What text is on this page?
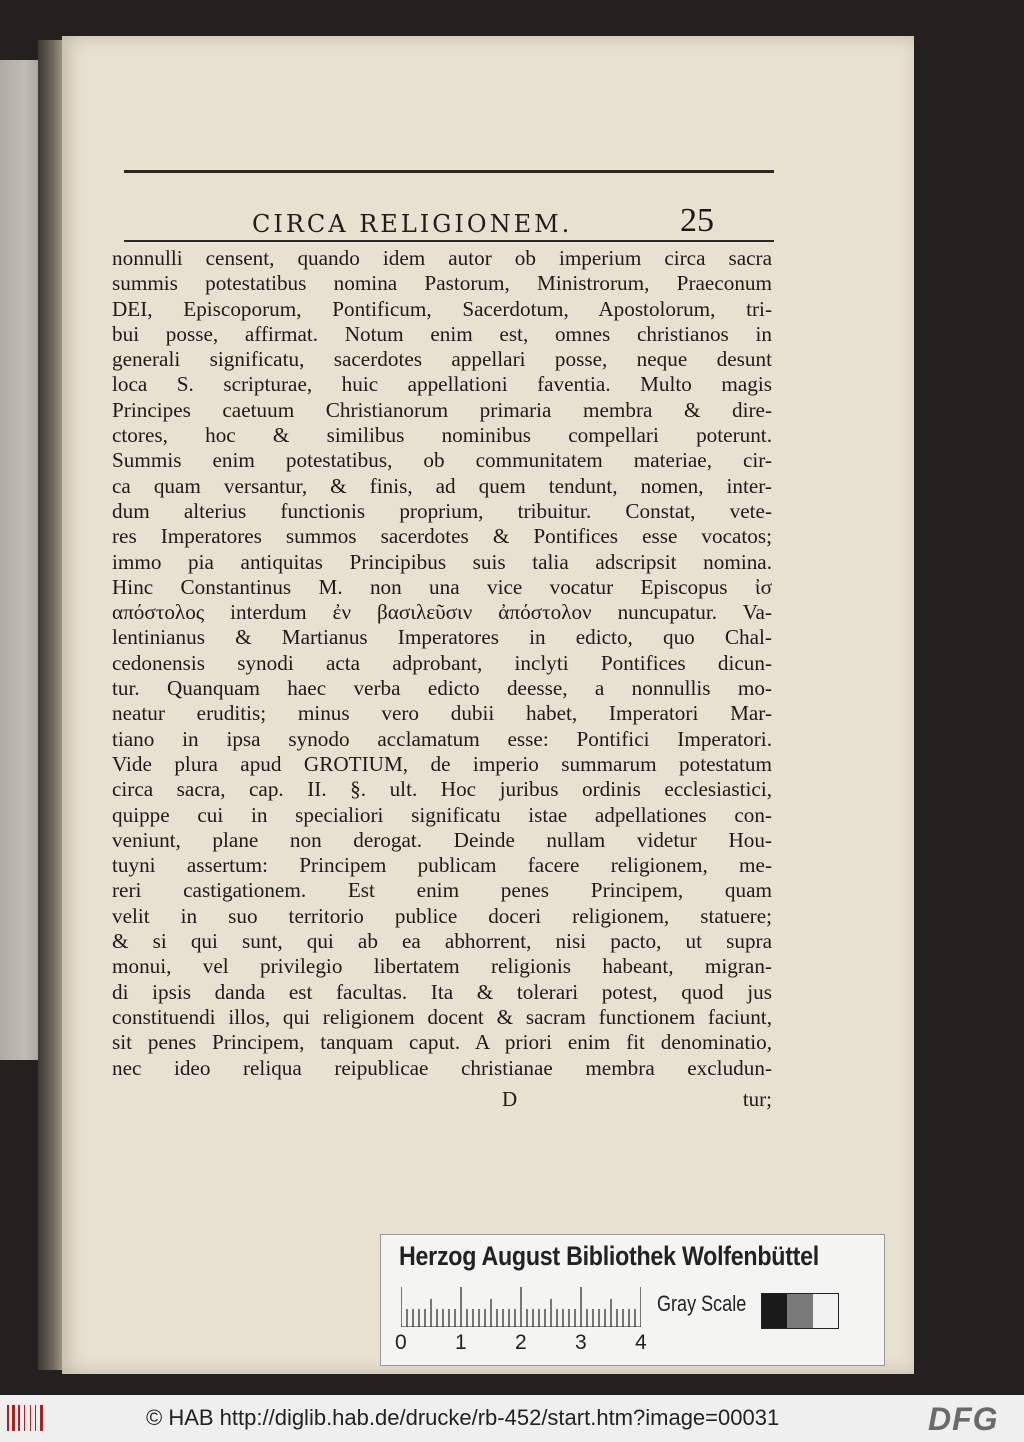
CIRCA RELIGIONEM.	25
nonnulli censent, quando idem autor ob imperium circa sacra
summis potestatibus nomina Pastorum, Ministrorum, Praeconum
DEI, Episcoporum, Pontificum, Sacerdotum, Apostolorum, tri-
bui posse, affirmat. Notum enim est, omnes christianos in
generali significatu, sacerdotes appellari posse, neque desunt
loca S. scripturae, huic appellationi faventia. Multo magis
Principes caetuum Christianorum primaria membra & dire-
ctores, hoc & similibus nominibus compellari poterunt.
Summis enim potestatibus, ob communitatem materiae, cir-
ca quam versantur, & finis, ad quem tendunt, nomen, inter-
dum alterius functionis proprium, tribuitur. Constat, vete-
res Imperatores summos sacerdotes & Pontifices esse vocatos;
immo pia antiquitas Principibus suis talia adscripsit nomina.
Hinc Constantinus M. non una vice vocatur Episcopus ἰσ
απόστολος interdum ἐν βασιλεῦσιν ἀπόστολον nuncupatur. Va-
lentinianus & Martianus Imperatores in edicto, quo Chal-
cedonensis synodi acta adprobant, inclyti Pontifices dicun-
tur. Quanquam haec verba edicto deesse, a nonnullis mo-
neatur eruditis; minus vero dubii habet, Imperatori Mar-
tiano in ipsa synodo acclamatum esse: Pontifici Imperatori.
Vide plura apud GROTIUM, de imperio summarum potestatum
circa sacra, cap. II. §. ult. Hoc juribus ordinis ecclesiastici,
quippe cui in specialiori significatu istae adpellationes con-
veniunt, plane non derogat. Deinde nullam videtur Hou-
tuyni assertum: Principem publicam facere religionem, me-
reri castigationem. Est enim penes Principem, quam
velit in suo territorio publice doceri religionem, statuere;
& si qui sunt, qui ab ea abhorrent, nisi pacto, ut supra
monui, vel privilegio libertatem religionis habeant, migran-
di ipsis danda est facultas. Ita & tolerari potest, quod jus
constituendi illos, qui religionem docent & sacram functionem faciunt,
sit penes Principem, tanquam caput. A priori enim fit denominatio,
nec ideo reliqua reipublicae christianae membra excludun-
D	tur;
Herzog August Bibliothek Wolfenbüttel
0 1 2 3 4
Gray Scale
© HAB http://diglib.hab.de/drucke/rb-452/start.htm?image=00031	DFG
